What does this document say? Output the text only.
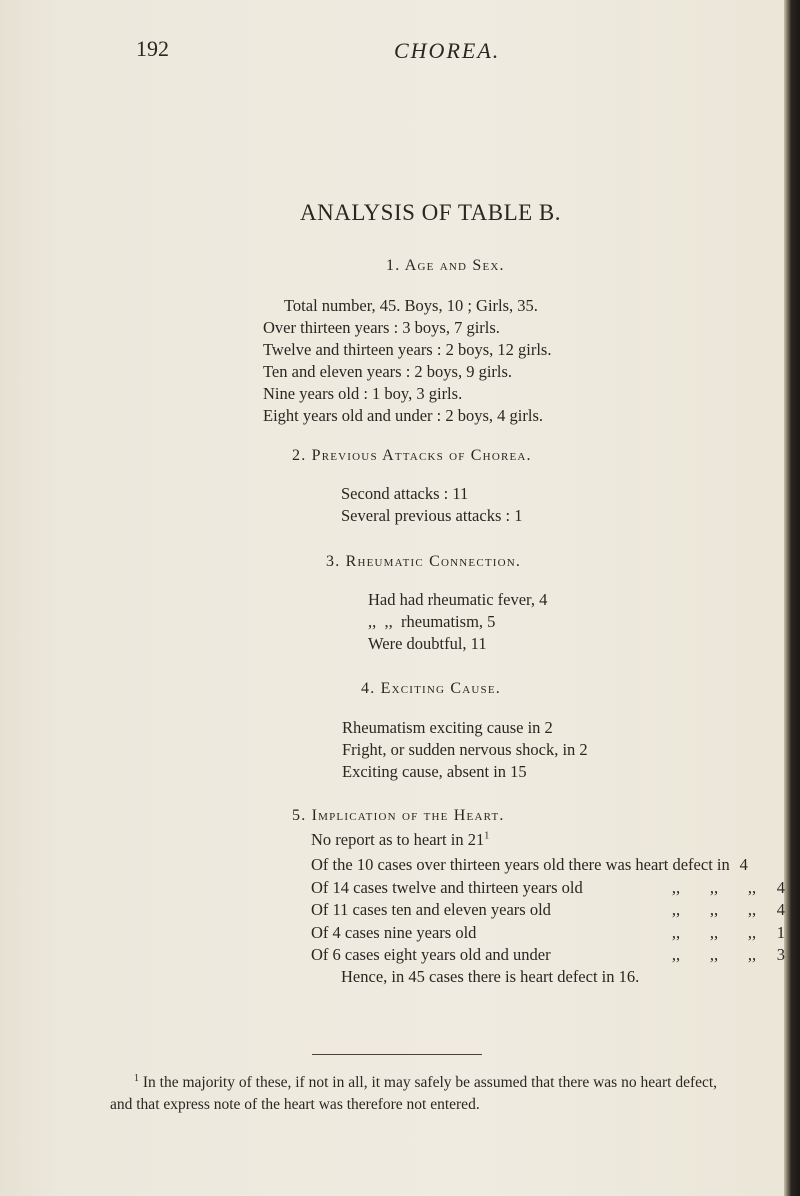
192	CHOREA.
ANALYSIS OF TABLE B.
1. Age and Sex.
Total number, 45. Boys, 10 ; Girls, 35.
Over thirteen years : 3 boys, 7 girls.
Twelve and thirteen years : 2 boys, 12 girls.
Ten and eleven years : 2 boys, 9 girls.
Nine years old : 1 boy, 3 girls.
Eight years old and under : 2 boys, 4 girls.
2. Previous Attacks of Chorea.
Second attacks : 11
Several previous attacks : 1
3. Rheumatic Connection.
Had had rheumatic fever, 4
,,  ,,  rheumatism, 5
Were doubtful, 11
4. Exciting Cause.
Rheumatism exciting cause in 2
Fright, or sudden nervous shock, in 2
Exciting cause, absent in 15
5. Implication of the Heart.
No report as to heart in $21^1$
Of the 10 cases over thirteen years old there was heart defect in 4
Of 14 cases twelve and thirteen years old	,, ,, ,, 4
Of 11 cases ten and eleven years old	,, ,, ,, 4
Of 4 cases nine years old	,, ,, ,, 1
Of 6 cases eight years old and under	,, ,, ,, 3
Hence, in 45 cases there is heart defect in 16.
$^1$ In the majority of these, if not in all, it may safely be assumed that there was no heart defect, and that express note of the heart was therefore not entered.
